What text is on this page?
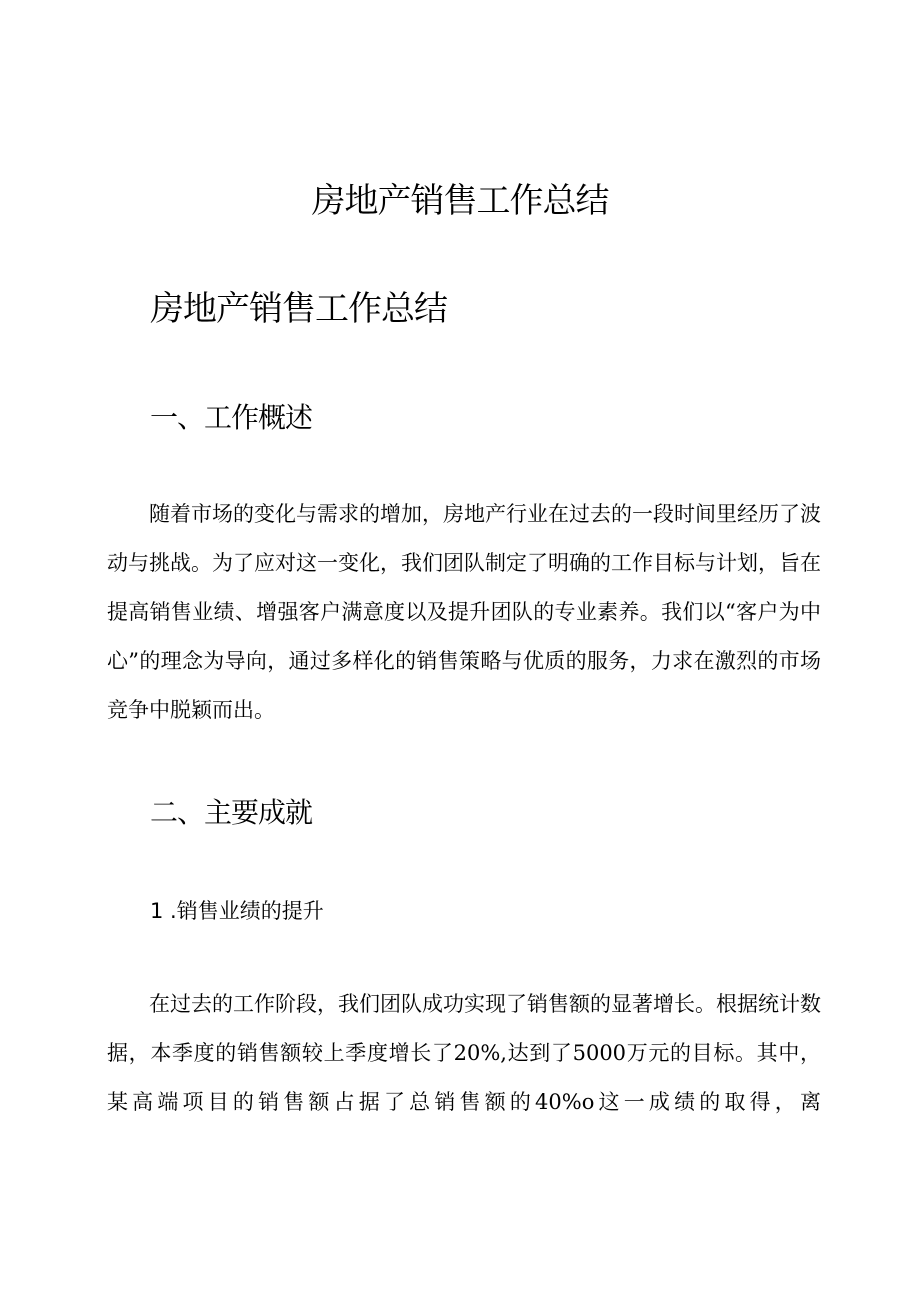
房地产销售工作总结
房地产销售工作总结
一、工作概述

随着市场的变化与需求的增加，房地产行业在过去的一段时间里经历了波动与挑战。为了应对这一变化，我们团队制定了明确的工作目标与计划，旨在提高销售业绩、增强客户满意度以及提升团队的专业素养。我们以“客户为中心”的理念为导向，通过多样化的销售策略与优质的服务，力求在激烈的市场竞争中脱颖而出。

二、主要成就
1 .销售业绩的提升

在过去的工作阶段，我们团队成功实现了销售额的显著增长。根据统计数据，本季度的销售额较上季度增长了20%,达到了5000万元的目标。其中，某高端项目的销售额占据了总销售额的40%o这一成绩的取得，离
